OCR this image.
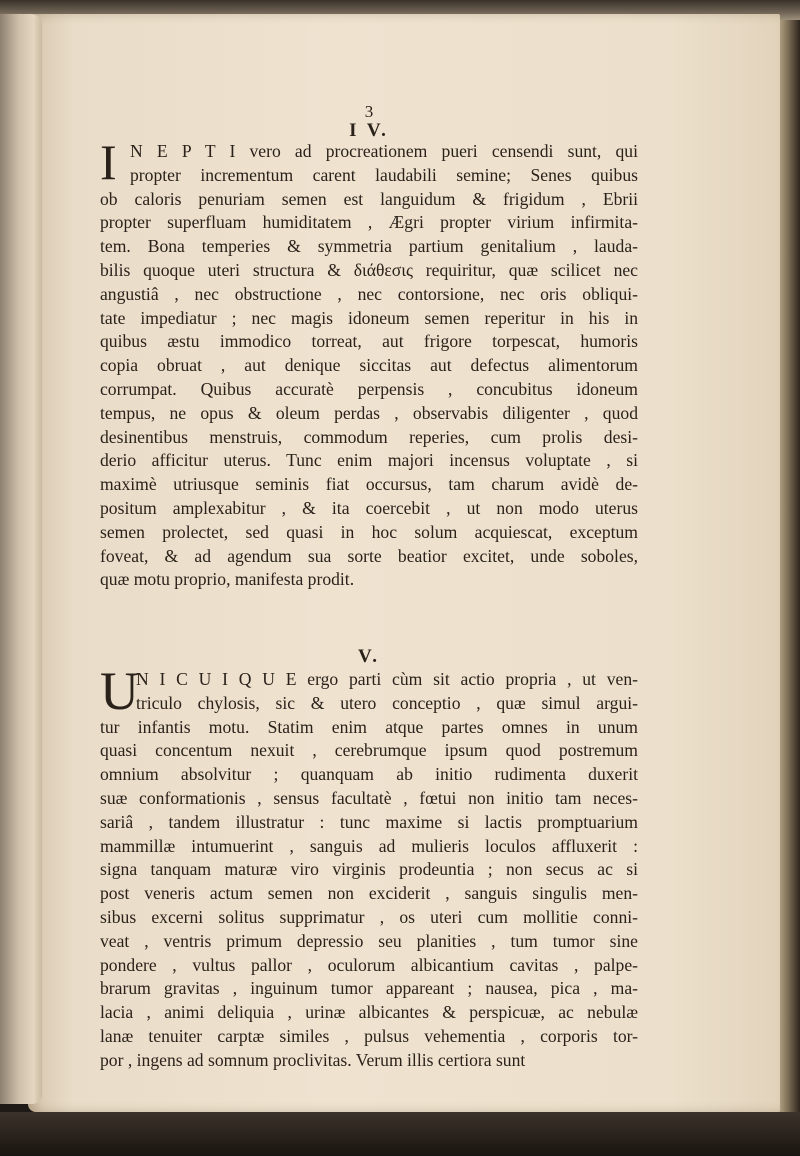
3
I V.
I N E P T I vero ad procreationem pueri censendi sunt, qui
propter incrementum carent laudabili semine; Senes quibus
ob caloris penuriam semen est languidum & frigidum , Ebrii
propter superfluam humiditatem , Ægri propter virium infirmita-
tem. Bona temperies & symmetria partium genitalium , lauda-
bilis quoque uteri structura & διάθεσις requiritur, quæ scilicet nec
angustiâ , nec obstructione , nec contorsione, nec oris obliqui-
tate impediatur ; nec magis idoneum semen reperitur in his in
quibus æstu immodico torreat, aut frigore torpescat, humoris
copia obruat , aut denique siccitas aut defectus alimentorum
corrumpat. Quibus accuratè perpensis , concubitus idoneum
tempus, ne opus & oleum perdas , observabis diligenter , quod
desinentibus menstruis, commodum reperies, cum prolis desi-
derio afficitur uterus. Tunc enim majori incensus voluptate , si
maximè utriusque seminis fiat occursus, tam charum avidè de-
positum amplexabitur , & ita coercebit , ut non modo uterus
semen prolectet, sed quasi in hoc solum acquiescat, exceptum
foveat, & ad agendum sua sorte beatior excitet, unde soboles,
quæ motu proprio, manifesta prodit.
V.
U
N I C U I Q U E ergo parti cùm sit actio propria , ut ven-
triculo chylosis, sic & utero conceptio , quæ simul argui-
tur infantis motu. Statim enim atque partes omnes in unum
quasi concentum nexuit , cerebrumque ipsum quod postremum
omnium absolvitur ; quanquam ab initio rudimenta duxerit
suæ conformationis , sensus facultatè , fœtui non initio tam neces-
sariâ , tandem illustratur : tunc maxime si lactis promptuarium
mammillæ intumuerint , sanguis ad mulieris loculos affluxerit :
signa tanquam maturæ viro virginis prodeuntia ; non secus ac si
post veneris actum semen non exciderit , sanguis singulis men-
sibus excerni solitus supprimatur , os uteri cum mollitie conni-
veat , ventris primum depressio seu planities , tum tumor sine
pondere , vultus pallor , oculorum albicantium cavitas , palpe-
brarum gravitas , inguinum tumor appareant ; nausea, pica , ma-
lacia , animi deliquia , urinæ albicantes & perspicuæ, ac nebulæ
lanæ tenuiter carptæ similes , pulsus vehementia , corporis tor-
por , ingens ad somnum proclivitas. Verum illis certiora sunt
